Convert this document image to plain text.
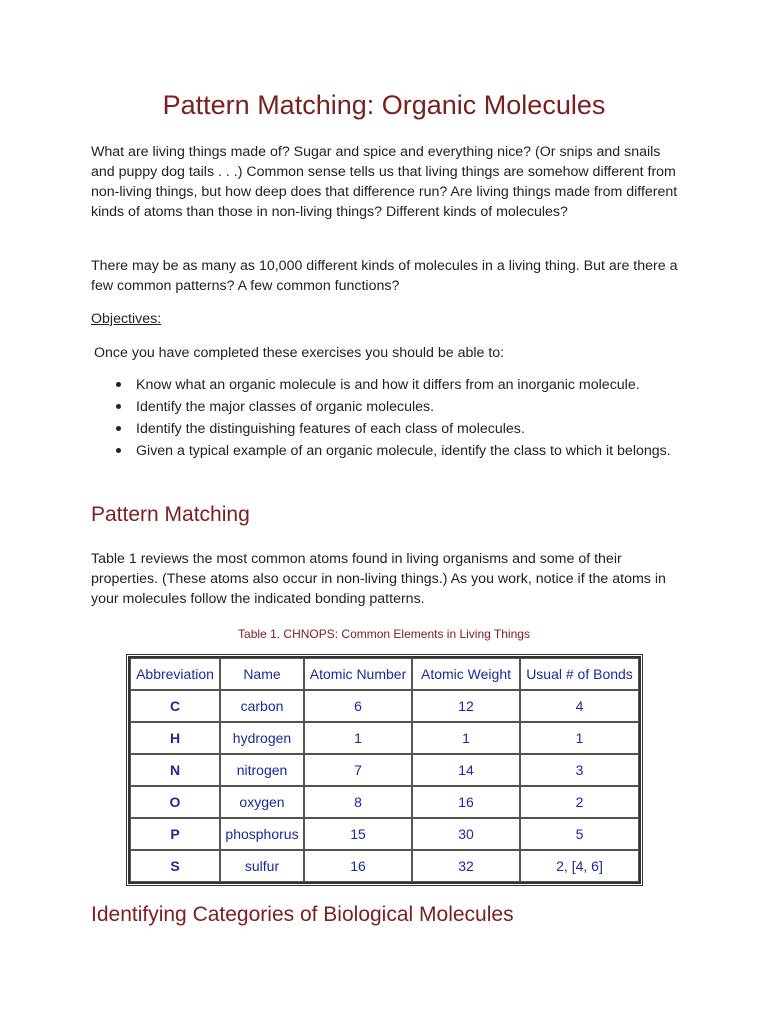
Pattern Matching: Organic Molecules

What are living things made of? Sugar and spice and everything nice? (Or snips and snails and puppy dog tails . . .) Common sense tells us that living things are somehow different from non-living things, but how deep does that difference run? Are living things made from different kinds of atoms than those in non-living things? Different kinds of molecules?

There may be as many as 10,000 different kinds of molecules in a living thing. But are there a few common patterns? A few common functions?

Objectives:

Once you have completed these exercises you should be able to:

Know what an organic molecule is and how it differs from an inorganic molecule.
Identify the major classes of organic molecules.
Identify the distinguishing features of each class of molecules.
Given a typical example of an organic molecule, identify the class to which it belongs.
Pattern Matching

Table 1 reviews the most common atoms found in living organisms and some of their properties. (These atoms also occur in non-living things.) As you work, notice if the atoms in your molecules follow the indicated bonding patterns.

Table 1. CHNOPS: Common Elements in Living Things
Abbreviation	Name	Atomic Number	Atomic Weight	Usual # of Bonds
C	carbon	6	12	4
H	hydrogen	1	1	1
N	nitrogen	7	14	3
O	oxygen	8	16	2
P	phosphorus	15	30	5
S	sulfur	16	32	2, [4, 6]
Identifying Categories of Biological Molecules
